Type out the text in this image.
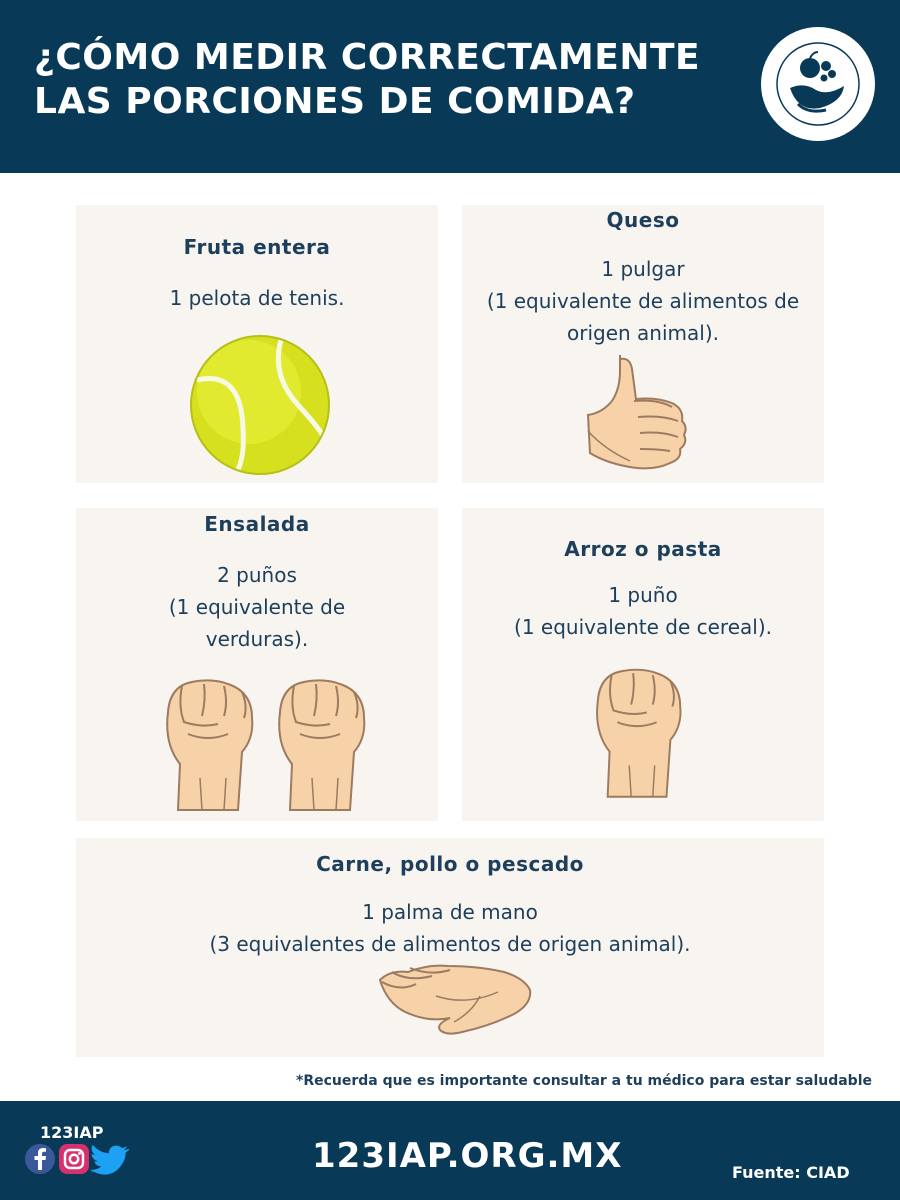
¿CÓMO MEDIR CORRECTAMENTE
LAS PORCIONES DE COMIDA?
Fruta entera

1 pelota de tenis.

Queso

1 pulgar
(1 equivalente de alimentos de
origen animal).

Ensalada

2 puños
(1 equivalente de
verduras).

Arroz o pasta

1 puño
(1 equivalente de cereal).

Carne, pollo o pescado

1 palma de mano
(3 equivalentes de alimentos de origen animal).

*Recuerda que es importante consultar a tu médico para estar saludable
123IAP
123IAP.ORG.MX	Fuente: CIAD
